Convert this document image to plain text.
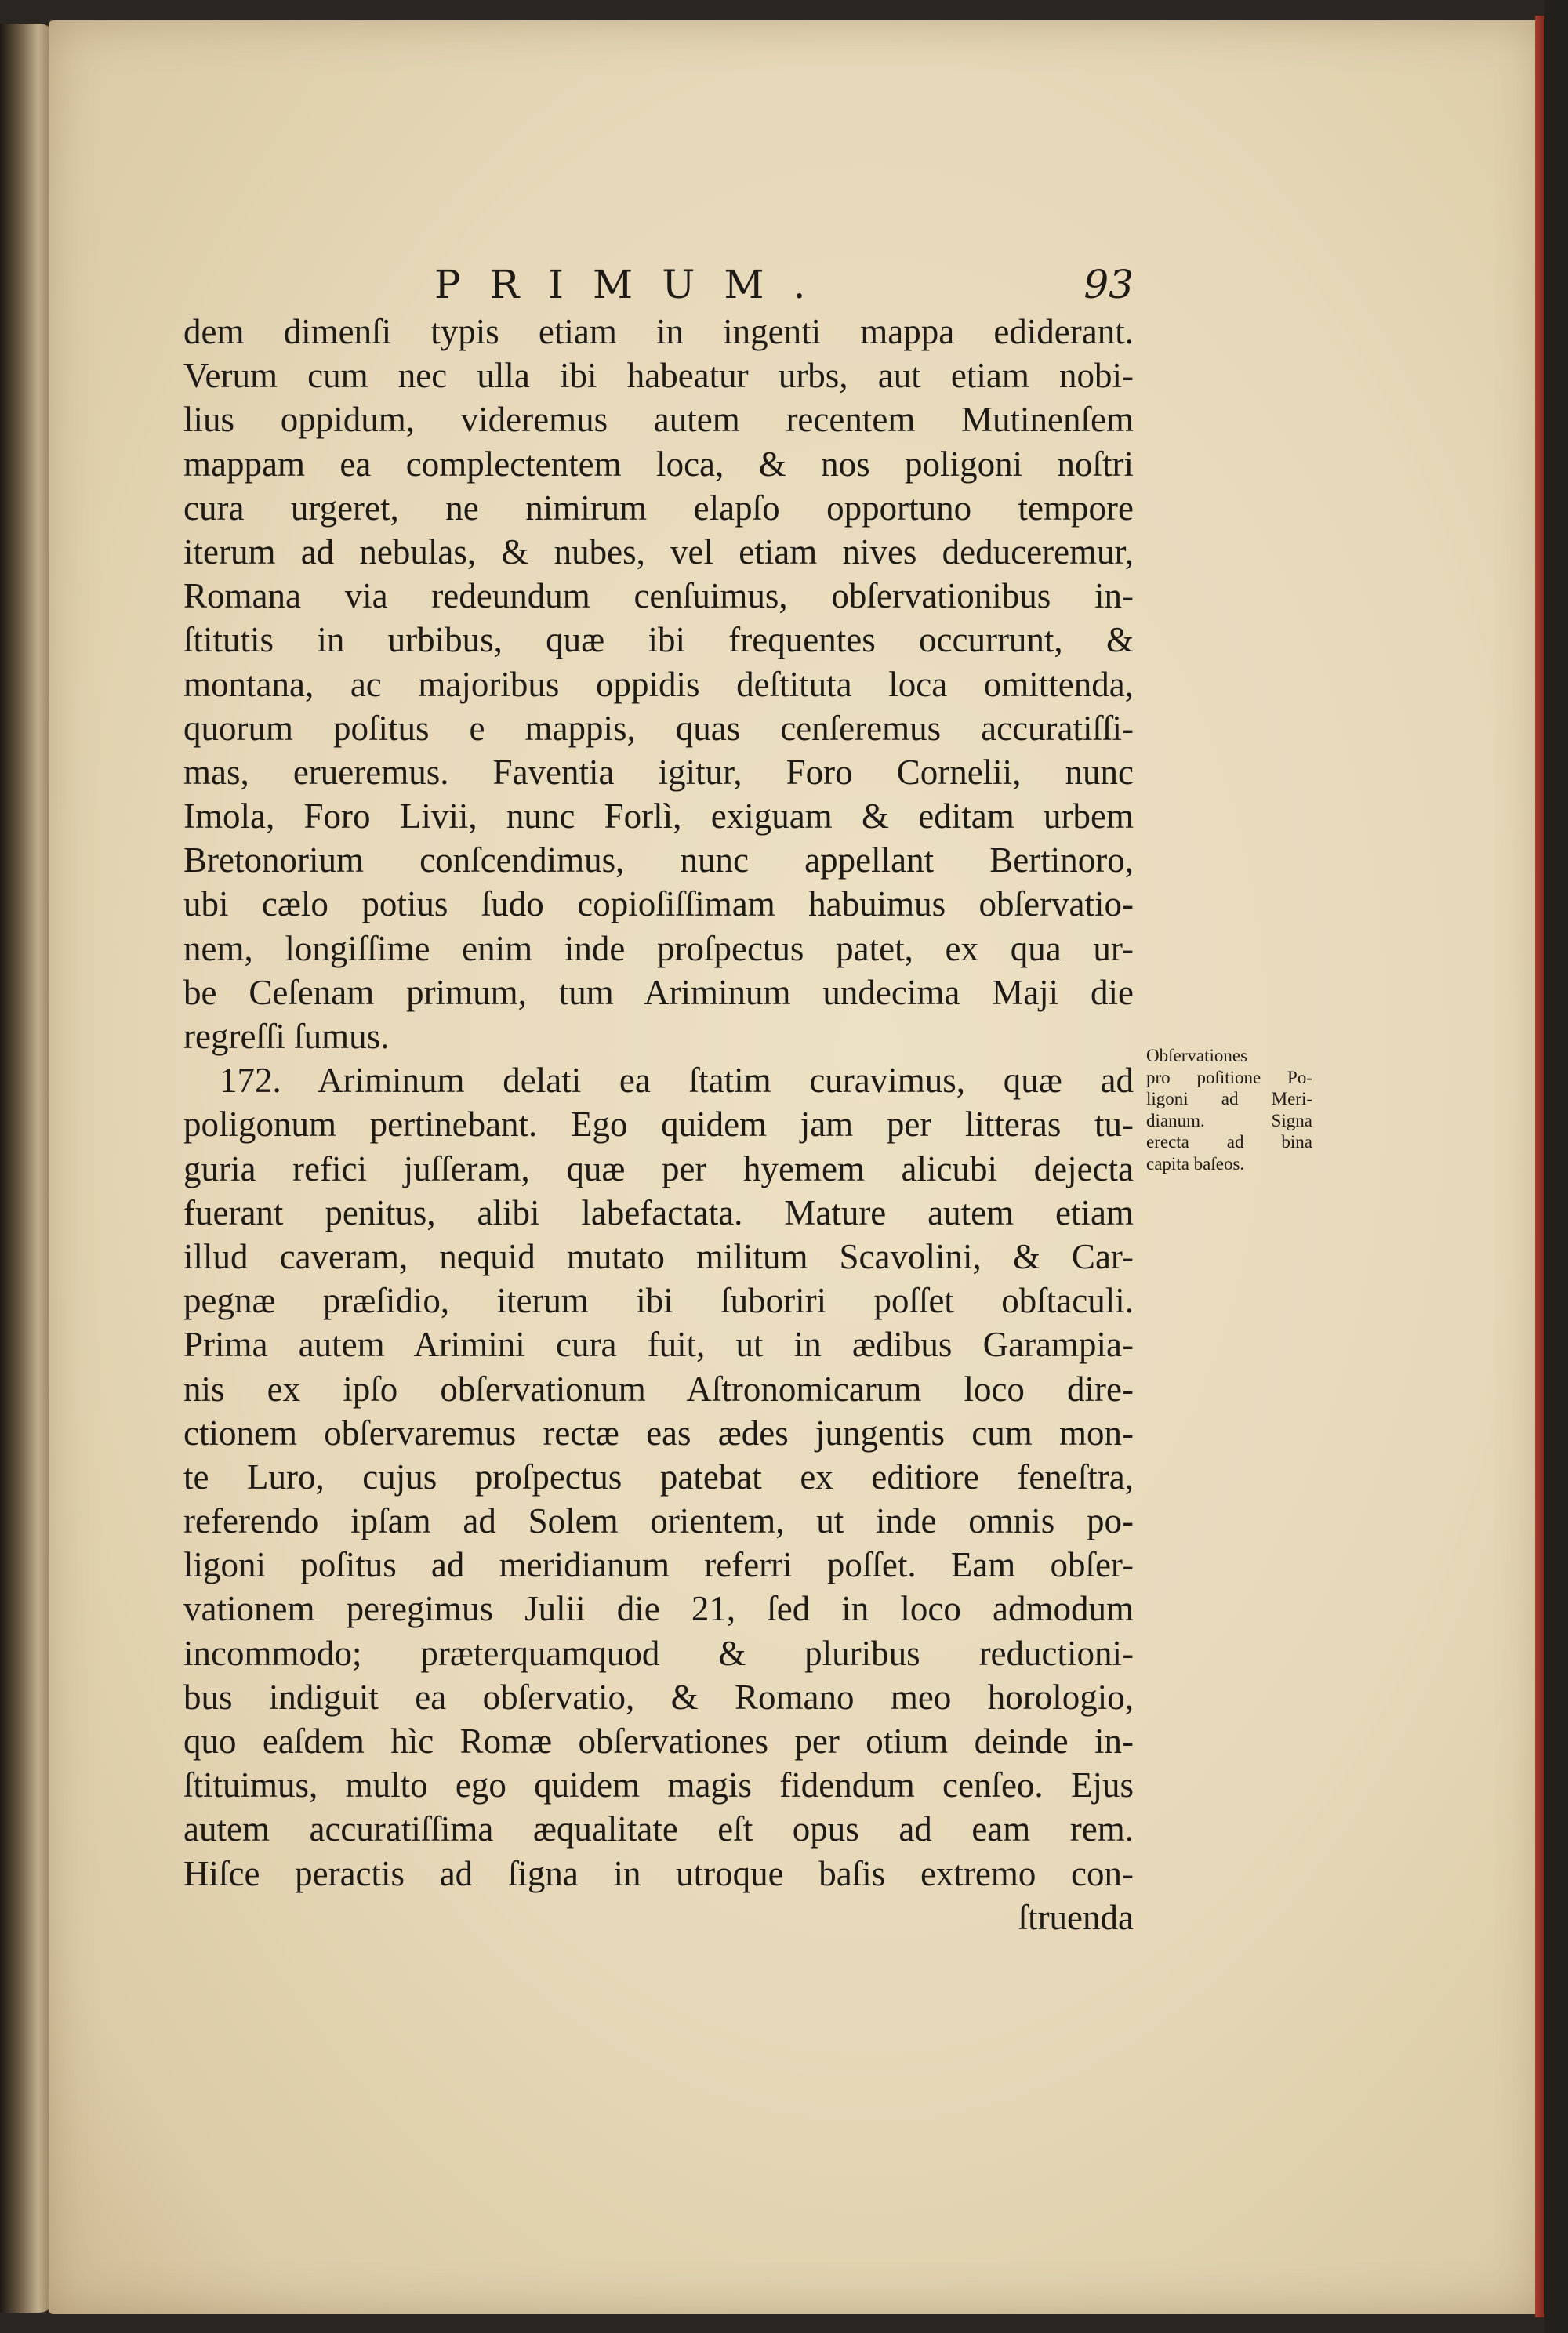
PRIMUM.	93
dem dimenſi typis etiam in ingenti mappa ediderant.
Verum cum nec ulla ibi habeatur urbs, aut etiam nobi-
lius oppidum, videremus autem recentem Mutinenſem
mappam ea complectentem loca, & nos poligoni noſtri
cura urgeret, ne nimirum elapſo opportuno tempore
iterum ad nebulas, & nubes, vel etiam nives deduceremur,
Romana via redeundum cenſuimus, obſervationibus in-
ſtitutis in urbibus, quæ ibi frequentes occurrunt, &
montana, ac majoribus oppidis deſtituta loca omittenda,
quorum poſitus e mappis, quas cenſeremus accuratiſſi-
mas, erueremus. Faventia igitur, Foro Cornelii, nunc
Imola, Foro Livii, nunc Forlì, exiguam & editam urbem
Bretonorium conſcendimus, nunc appellant Bertinoro,
ubi cælo potius ſudo copioſiſſimam habuimus obſervatio-
nem, longiſſime enim inde proſpectus patet, ex qua ur-
be Ceſenam primum, tum Ariminum undecima Maji die
regreſſi ſumus.
172. Ariminum delati ea ſtatim curavimus, quæ ad
poligonum pertinebant. Ego quidem jam per litteras tu-
guria refici juſſeram, quæ per hyemem alicubi dejecta
fuerant penitus, alibi labefactata. Mature autem etiam
illud caveram, nequid mutato militum Scavolini, & Car-
pegnæ præſidio, iterum ibi ſuboriri poſſet obſtaculi.
Prima autem Arimini cura fuit, ut in ædibus Garampia-
nis ex ipſo obſervationum Aſtronomicarum loco dire-
ctionem obſervaremus rectæ eas ædes jungentis cum mon-
te Luro, cujus proſpectus patebat ex editiore feneſtra,
referendo ipſam ad Solem orientem, ut inde omnis po-
ligoni poſitus ad meridianum referri poſſet. Eam obſer-
vationem peregimus Julii die 21, ſed in loco admodum
incommodo; præterquamquod & pluribus reductioni-
bus indiguit ea obſervatio, & Romano meo horologio,
quo eaſdem hìc Romæ obſervationes per otium deinde in-
ſtituimus, multo ego quidem magis fidendum cenſeo. Ejus
autem accuratiſſima æqualitate eſt opus ad eam rem.
Hiſce peractis ad ſigna in utroque baſis extremo con-
ſtruenda
Obſervationes
pro poſitione Po-
ligoni ad Meri-
dianum. Signa
erecta ad bina
capita baſeos.
